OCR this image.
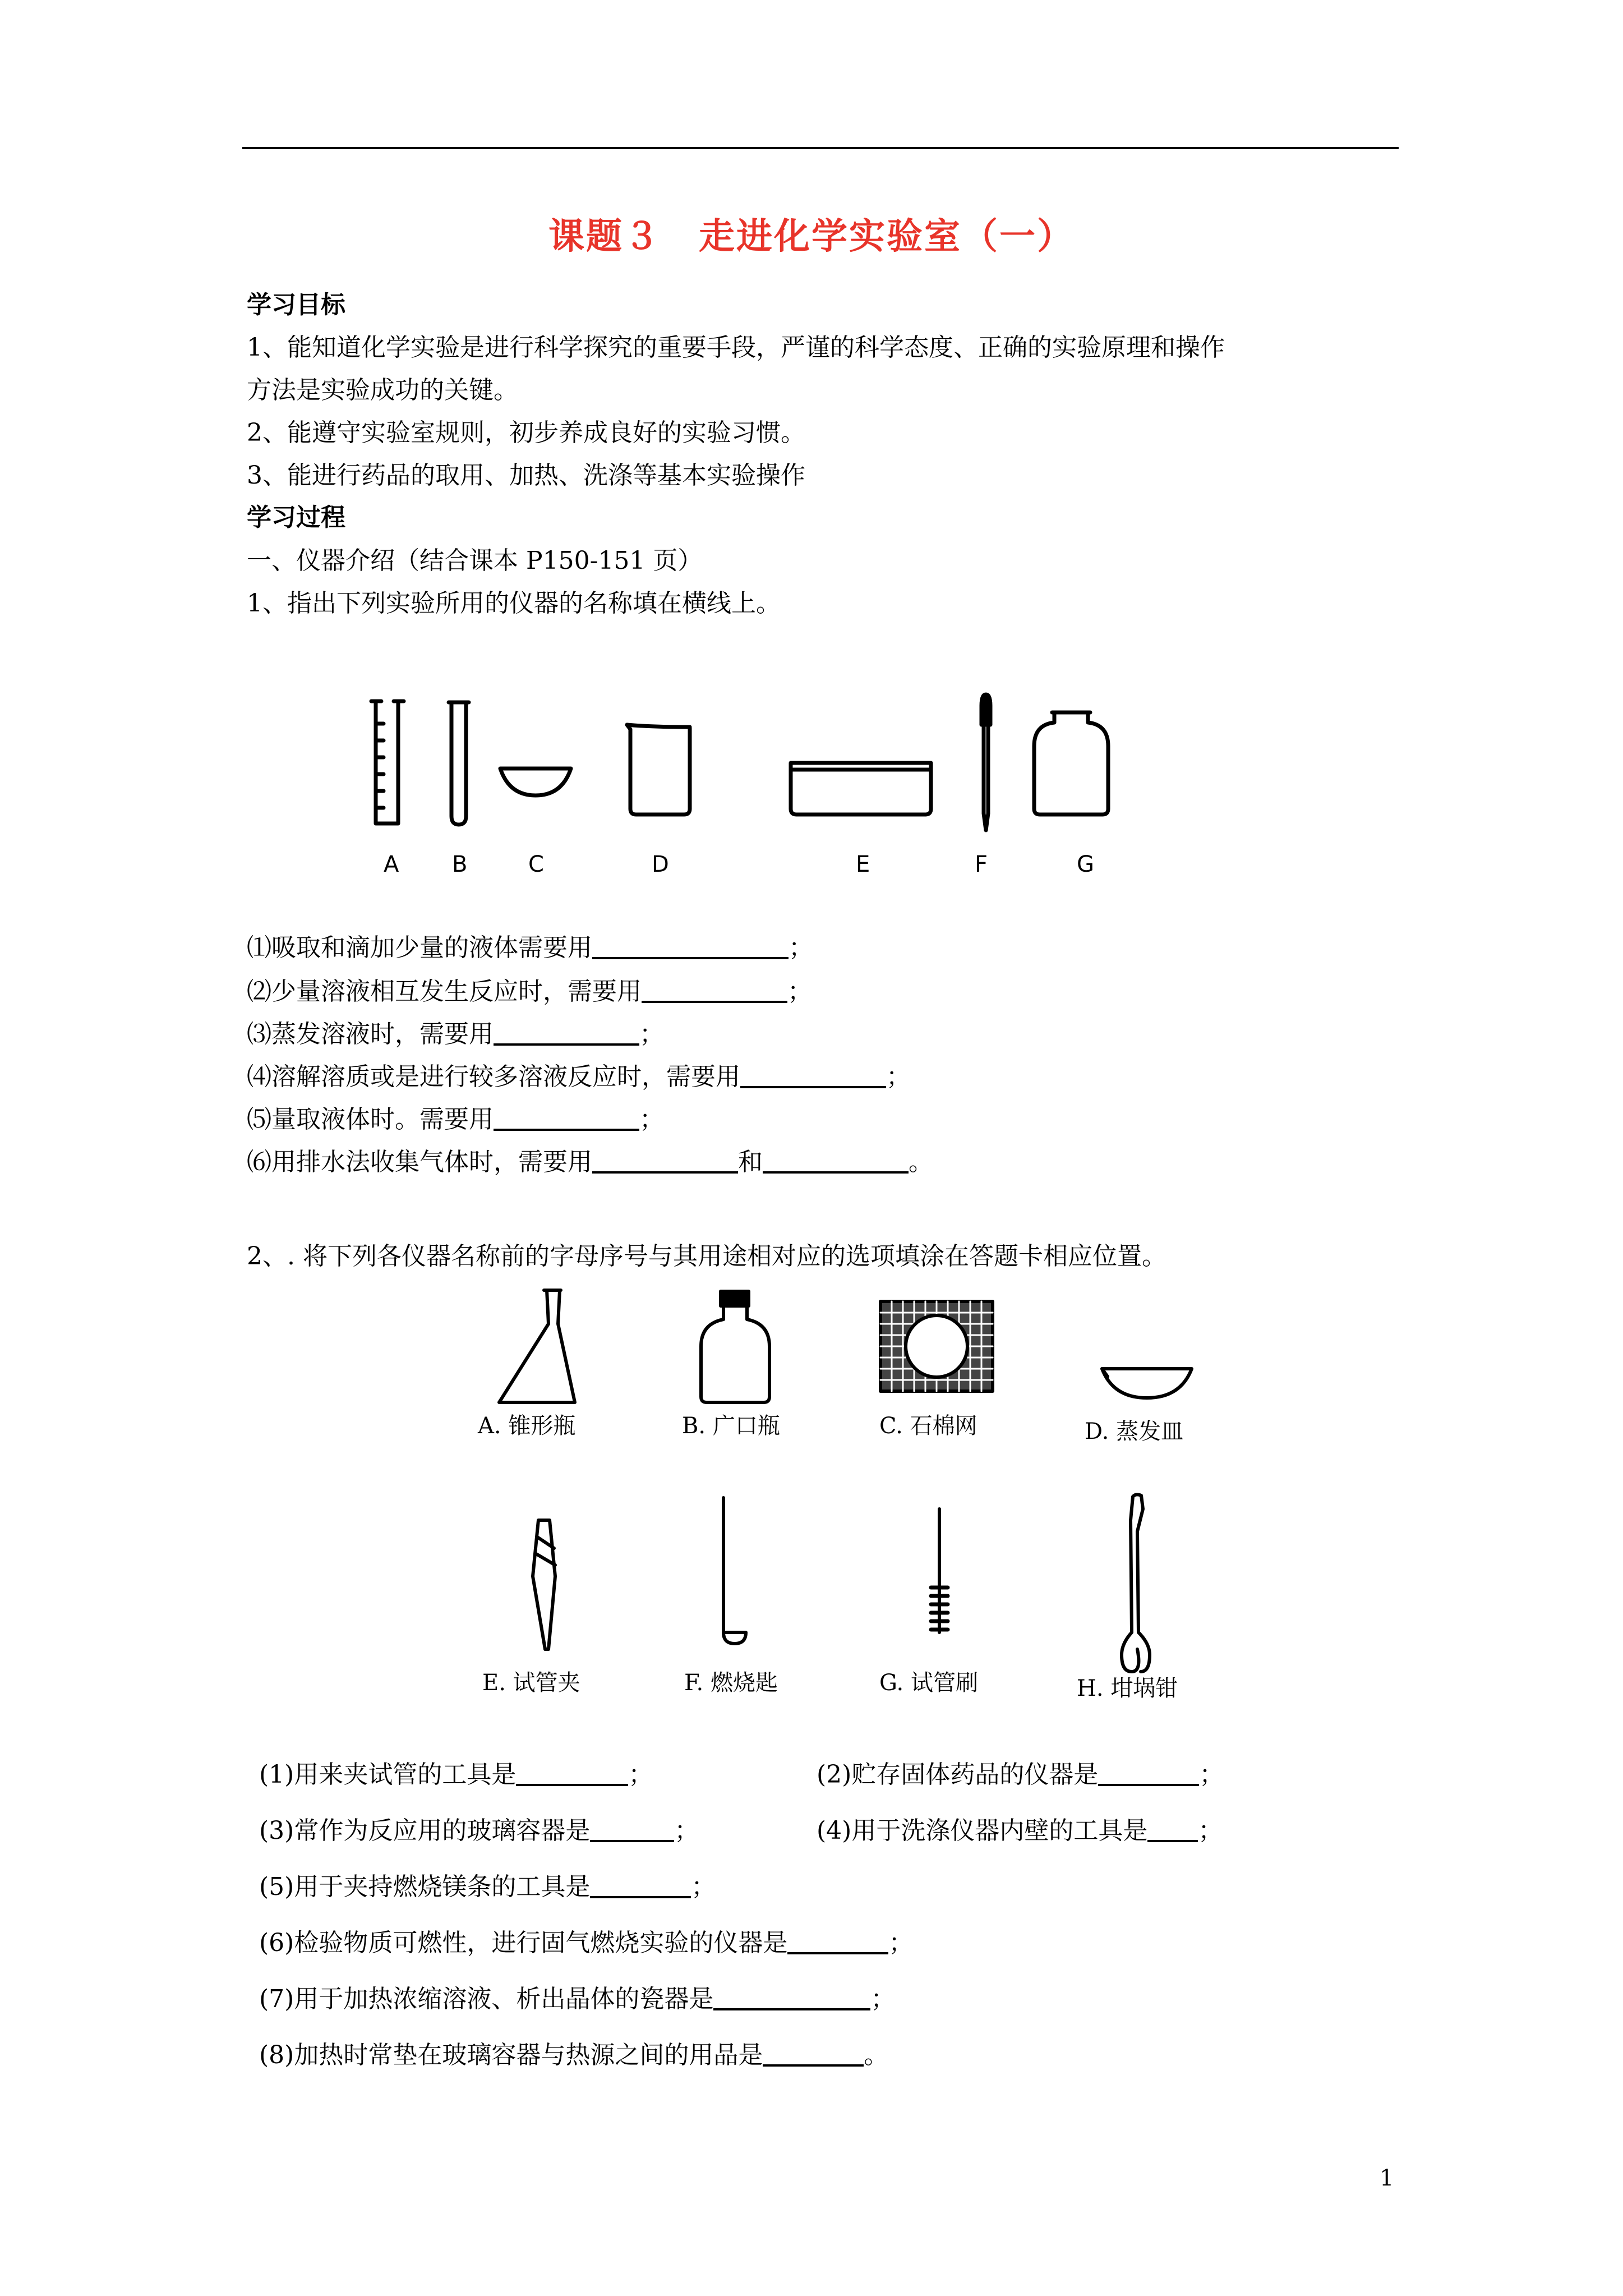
课题３　走进化学实验室（一）
学习目标
1、能知道化学实验是进行科学探究的重要手段，严谨的科学态度、正确的实验原理和操作
方法是实验成功的关键。
2、能遵守实验室规则，初步养成良好的实验习惯。
3、能进行药品的取用、加热、洗涤等基本实验操作
学习过程
一、仪器介绍（结合课本 P150-151 页）
1、指出下列实验所用的仪器的名称填在横线上。
A B	C	D	E	F	G
⑴吸取和滴加少量的液体需要用	；
⑵少量溶液相互发生反应时，需要用	；
⑶蒸发溶液时，需要用	；
⑷溶解溶质或是进行较多溶液反应时，需要用	；
⑸量取液体时。需要用	；
⑹用排水法收集气体时，需要用	和	。
2、. 将下列各仪器名称前的字母序号与其用途相对应的选项填涂在答题卡相应位置。
A. 锥形瓶	B. 广口瓶	C. 石棉网	D. 蒸发皿
E. 试管夹	F. 燃烧匙	G. 试管刷	H. 坩埚钳
(1)用来夹试管的工具是	；	(2)贮存固体药品的仪器是	；
(3)常作为反应用的玻璃容器是	；	(4)用于洗涤仪器内壁的工具是 ；
(5)用于夹持燃烧镁条的工具是	；
(6)检验物质可燃性，进行固气燃烧实验的仪器是	；
(7)用于加热浓缩溶液、析出晶体的瓷器是	；
(8)加热时常垫在玻璃容器与热源之间的用品是	。
1
